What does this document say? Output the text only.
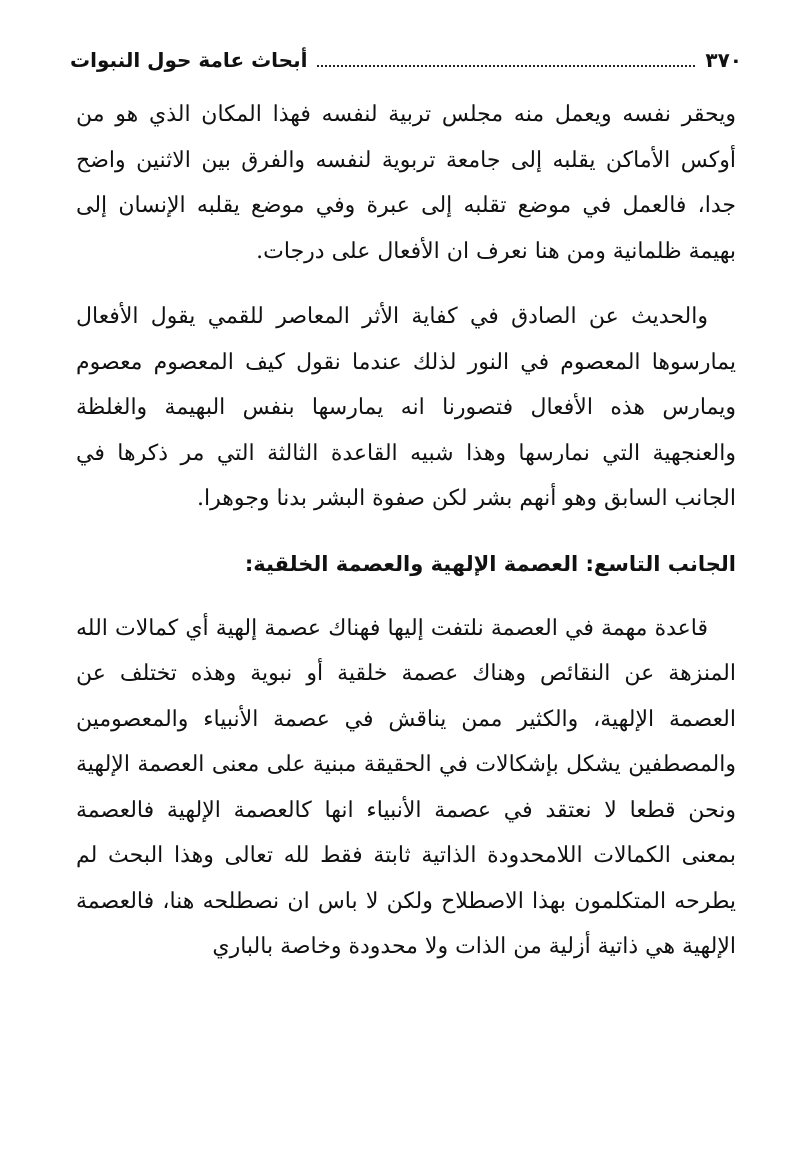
٣٧٠
أبحاث عامة حول النبوات

ويحقر نفسه ويعمل منه مجلس تربية لنفسه فهذا المكان الذي هو من أوكس الأماكن يقلبه إلى جامعة تربوية لنفسه والفرق بين الاثنين واضح جدا، فالعمل في موضع تقلبه إلى عبرة وفي موضع يقلبه الإنسان إلى بهيمة ظلمانية ومن هنا نعرف ان الأفعال على درجات.

والحديث عن الصادق في كفاية الأثر المعاصر للقمي يقول الأفعال يمارسوها المعصوم في النور لذلك عندما نقول كيف المعصوم معصوم ويمارس هذه الأفعال فتصورنا انه يمارسها بنفس البهيمة والغلظة والعنجهية التي نمارسها وهذا شبيه القاعدة الثالثة التي مر ذكرها في الجانب السابق وهو أنهم بشر لكن صفوة البشر بدنا وجوهرا.

الجانب التاسع: العصمة الإلهية والعصمة الخلقية:

قاعدة مهمة في العصمة نلتفت إليها فهناك عصمة إلهية أي كمالات الله المنزهة عن النقائص وهناك عصمة خلقية أو نبوية وهذه تختلف عن العصمة الإلهية، والكثير ممن يناقش في عصمة الأنبياء والمعصومين والمصطفين يشكل بإشكالات في الحقيقة مبنية على معنى العصمة الإلهية ونحن قطعا لا نعتقد في عصمة الأنبياء انها كالعصمة الإلهية فالعصمة بمعنى الكمالات اللامحدودة الذاتية ثابتة فقط لله تعالى وهذا البحث لم يطرحه المتكلمون بهذا الاصطلاح ولكن لا باس ان نصطلحه هنا، فالعصمة الإلهية هي ذاتية أزلية من الذات ولا محدودة وخاصة بالباري
